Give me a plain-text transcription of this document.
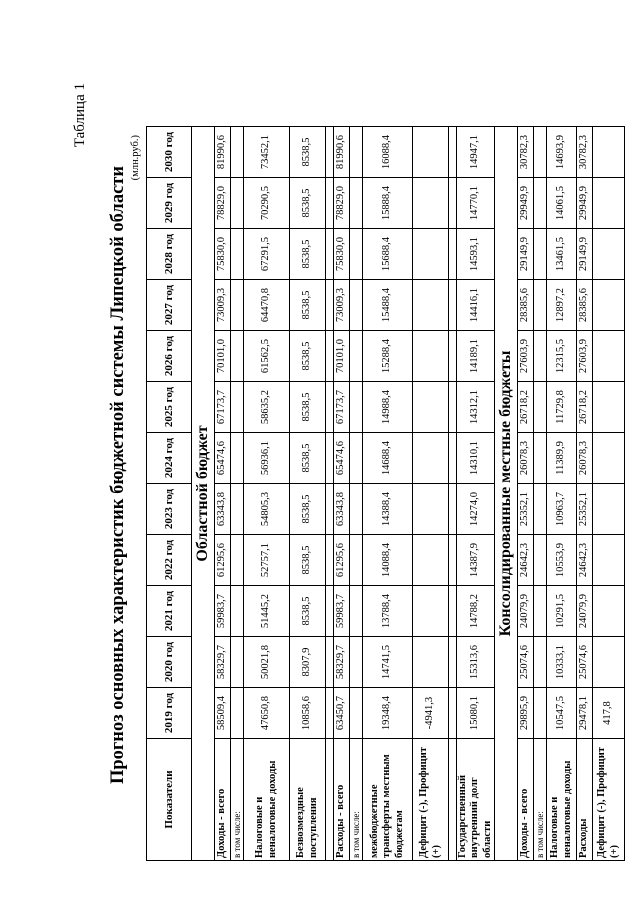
Таблица 1
Прогноз основных характеристик бюджетной системы Липецкой области
(млн.руб.)
Показатели	2019 год	2020 год	2021 год	2022 год	2023 год	2024 год	2025 год	2026 год	2027 год	2028 год	2029 год	2030 год
Областной бюджет												
Доходы - всего	58509,4	58329,7	59983,7	61295,6	63343,8	65474,6	67173,7	70101,0	73009,3	75830,0	78829,0	81990,6
в том числе:												
Налоговые и неналоговые доходы	47650,8	50021,8	51445,2	52757,1	54805,3	56936,1	58635,2	61562,5	64470,8	67291,5	70290,5	73452,1
Безвозмездные поступления	10858,6	8307,9	8538,5	8538,5	8538,5	8538,5	8538,5	8538,5	8538,5	8538,5	8538,5	8538,5

Расходы - всего	63450,7	58329,7	59983,7	61295,6	63343,8	65474,6	67173,7	70101,0	73009,3	75830,0	78829,0	81990,6
в том числе:												
межбюджетные трансферты местным бюджетам	19348,4	14741,5	13788,4	14088,4	14388,4	14688,4	14988,4	15288,4	15488,4	15688,4	15888,4	16088,4
Дефицит (-), Профицит (+)	-4941,3											

Государственный внутренний долг области	15080,1	15313,6	14788,2	14387,9	14274,0	14310,1	14312,1	14189,1	14416,1	14593,1	14770,1	14947,1
Консолидированные местные бюджеты												
Доходы - всего	29895,9	25074,6	24079,9	24642,3	25352,1	26078,3	26718,2	27603,9	28385,6	29149,9	29949,9	30782,3
в том числе:												
Налоговые и неналоговые доходы	10547,5	10333,1	10291,5	10553,9	10963,7	11389,9	11729,8	12315,5	12897,2	13461,5	14061,5	14693,9
Расходы	29478,1	25074,6	24079,9	24642,3	25352,1	26078,3	26718,2	27603,9	28385,6	29149,9	29949,9	30782,3
Дефицит (-), Профицит (+)	417,8											
